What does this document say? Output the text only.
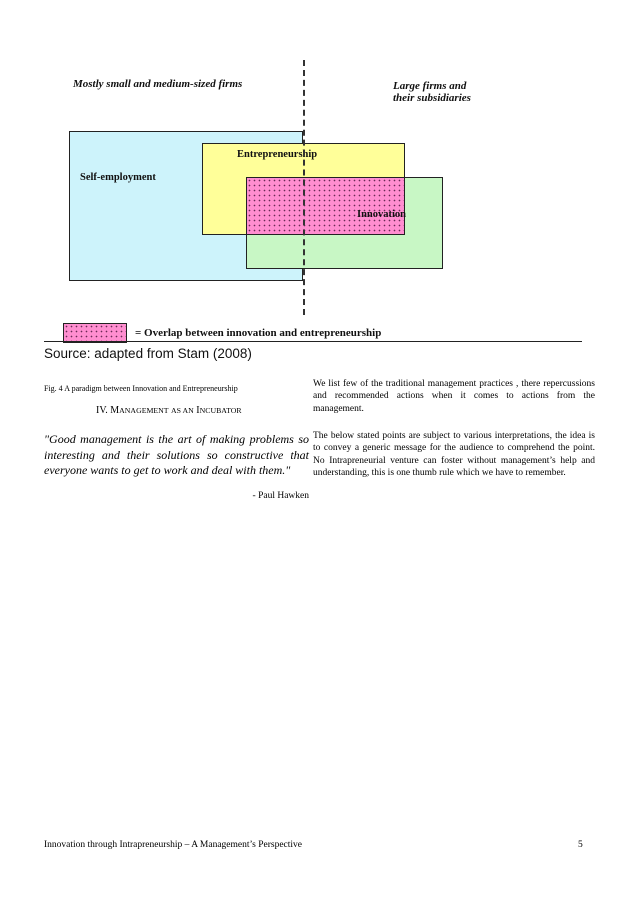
Mostly small and medium-sized firms	Large firms and
their subsidiaries
Self-employment
Entrepreneurship
Innovation
= Overlap between innovation and entrepreneurship
Source: adapted from Stam (2008)
Fig. 4 A paradigm between Innovation and Entrepreneurship
IV. MANAGEMENT AS AN INCUBATOR
"Good management is the art of making problems so interesting and their solutions so constructive that everyone wants to get to work and deal with them."
- Paul Hawken
We list few of the traditional management practices , there repercussions and recommended actions when it comes to actions from the management.
The below stated points are subject to various interpretations, the idea is to convey a generic message for the audience to comprehend the point. No Intrapreneurial venture can foster without management’s help and understanding, this is one thumb rule which we have to remember.
Innovation through Intrapreneurship – A Management’s Perspective	5
